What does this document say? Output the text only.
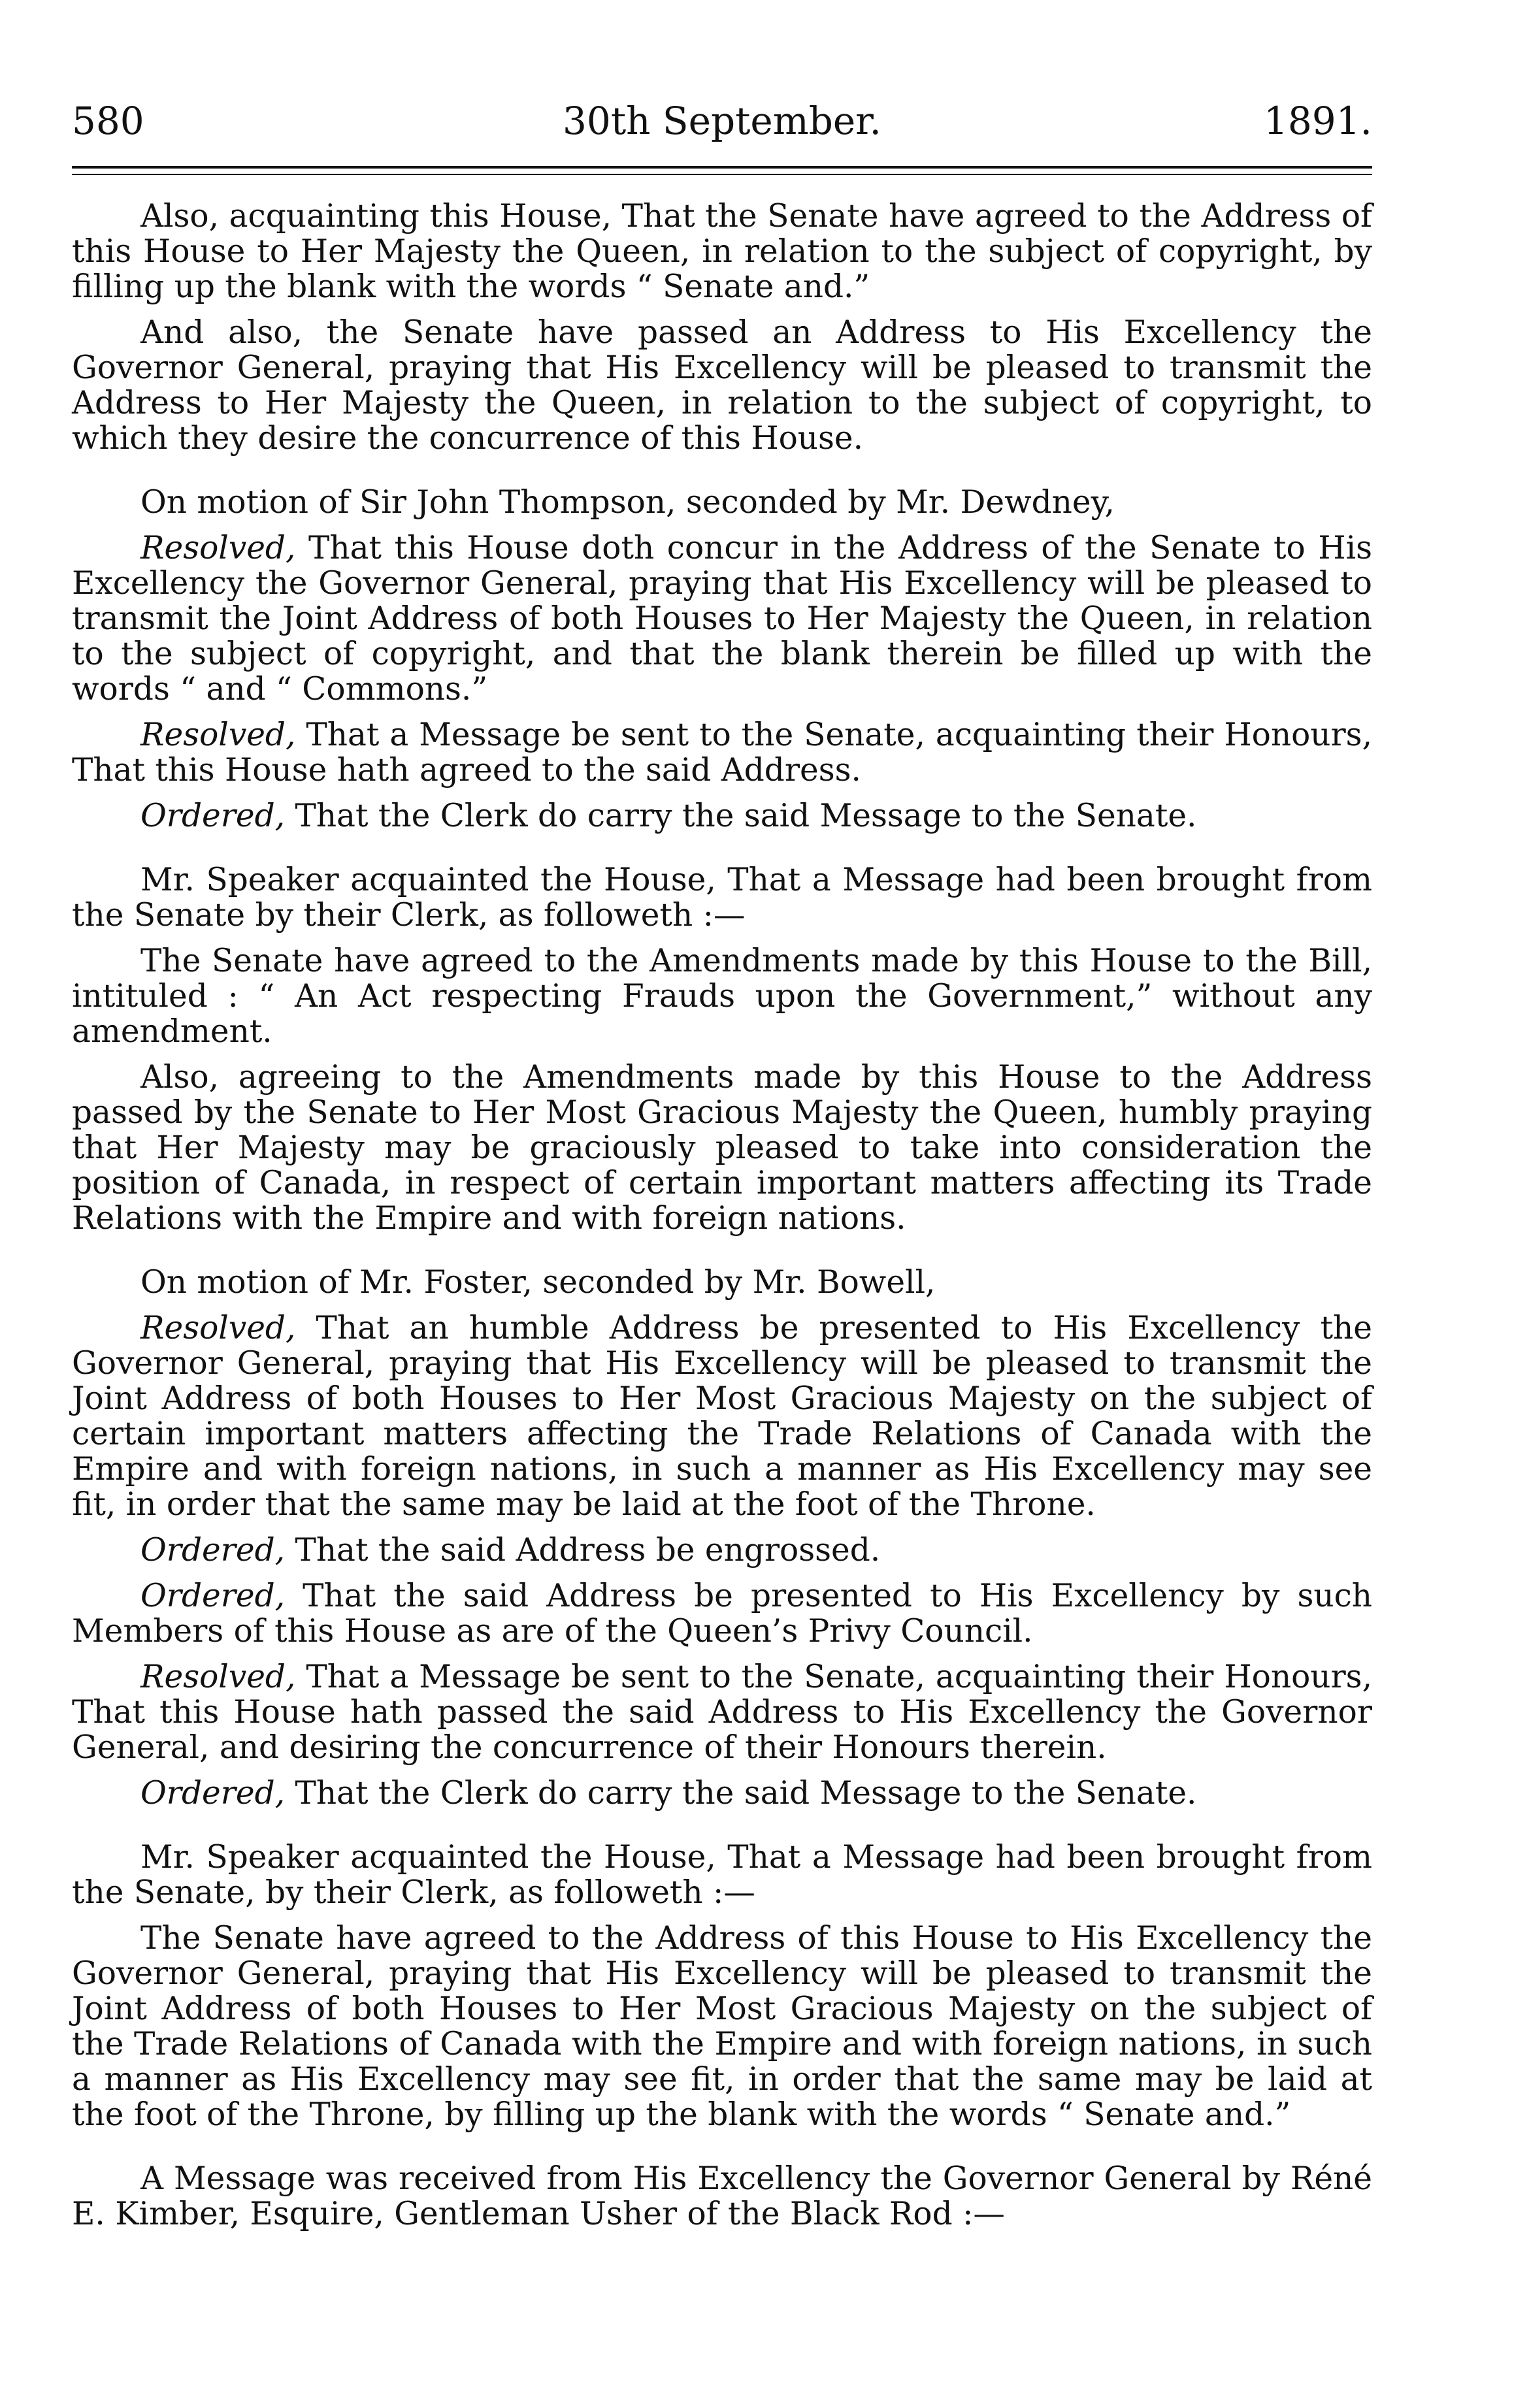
580	30th September.	1891.

Also, acquainting this House, That the Senate have agreed to the Address of this House to Her Majesty the Queen, in relation to the subject of copyright, by filling up the blank with the words “ Senate and.”

And also, the Senate have passed an Address to His Excellency the Governor General, praying that His Excellency will be pleased to transmit the Address to Her Majesty the Queen, in relation to the subject of copyright, to which they desire the concurrence of this House.

On motion of Sir John Thompson, seconded by Mr. Dewdney,

Resolved, That this House doth concur in the Address of the Senate to His Excellency the Governor General, praying that His Excellency will be pleased to transmit the Joint Address of both Houses to Her Majesty the Queen, in relation to the subject of copyright, and that the blank therein be filled up with the words “ and “ Commons.”

Resolved, That a Message be sent to the Senate, acquainting their Honours, That this House hath agreed to the said Address.

Ordered, That the Clerk do carry the said Message to the Senate.

Mr. Speaker acquainted the House, That a Message had been brought from the Senate by their Clerk, as followeth :—

The Senate have agreed to the Amendments made by this House to the Bill, intituled : “ An Act respecting Frauds upon the Government,” without any amendment.

Also, agreeing to the Amendments made by this House to the Address passed by the Senate to Her Most Gracious Majesty the Queen, humbly praying that Her Majesty may be graciously pleased to take into consideration the position of Canada, in respect of certain important matters affecting its Trade Relations with the Empire and with foreign nations.

On motion of Mr. Foster, seconded by Mr. Bowell,

Resolved, That an humble Address be presented to His Excellency the Governor General, praying that His Excellency will be pleased to transmit the Joint Address of both Houses to Her Most Gracious Majesty on the subject of certain important matters affecting the Trade Relations of Canada with the Empire and with foreign nations, in such a manner as His Excellency may see fit, in order that the same may be laid at the foot of the Throne.

Ordered, That the said Address be engrossed.

Ordered, That the said Address be presented to His Excellency by such Members of this House as are of the Queen’s Privy Council.

Resolved, That a Message be sent to the Senate, acquainting their Honours, That this House hath passed the said Address to His Excellency the Governor General, and desiring the concurrence of their Honours therein.

Ordered, That the Clerk do carry the said Message to the Senate.

Mr. Speaker acquainted the House, That a Message had been brought from the Senate, by their Clerk, as followeth :—

The Senate have agreed to the Address of this House to His Excellency the Governor General, praying that His Excellency will be pleased to transmit the Joint Address of both Houses to Her Most Gracious Majesty on the subject of the Trade Relations of Canada with the Empire and with foreign nations, in such a manner as His Excellency may see fit, in order that the same may be laid at the foot of the Throne, by filling up the blank with the words “ Senate and.”

A Message was received from His Excellency the Governor General by Réné E. Kimber, Esquire, Gentleman Usher of the Black Rod :—
